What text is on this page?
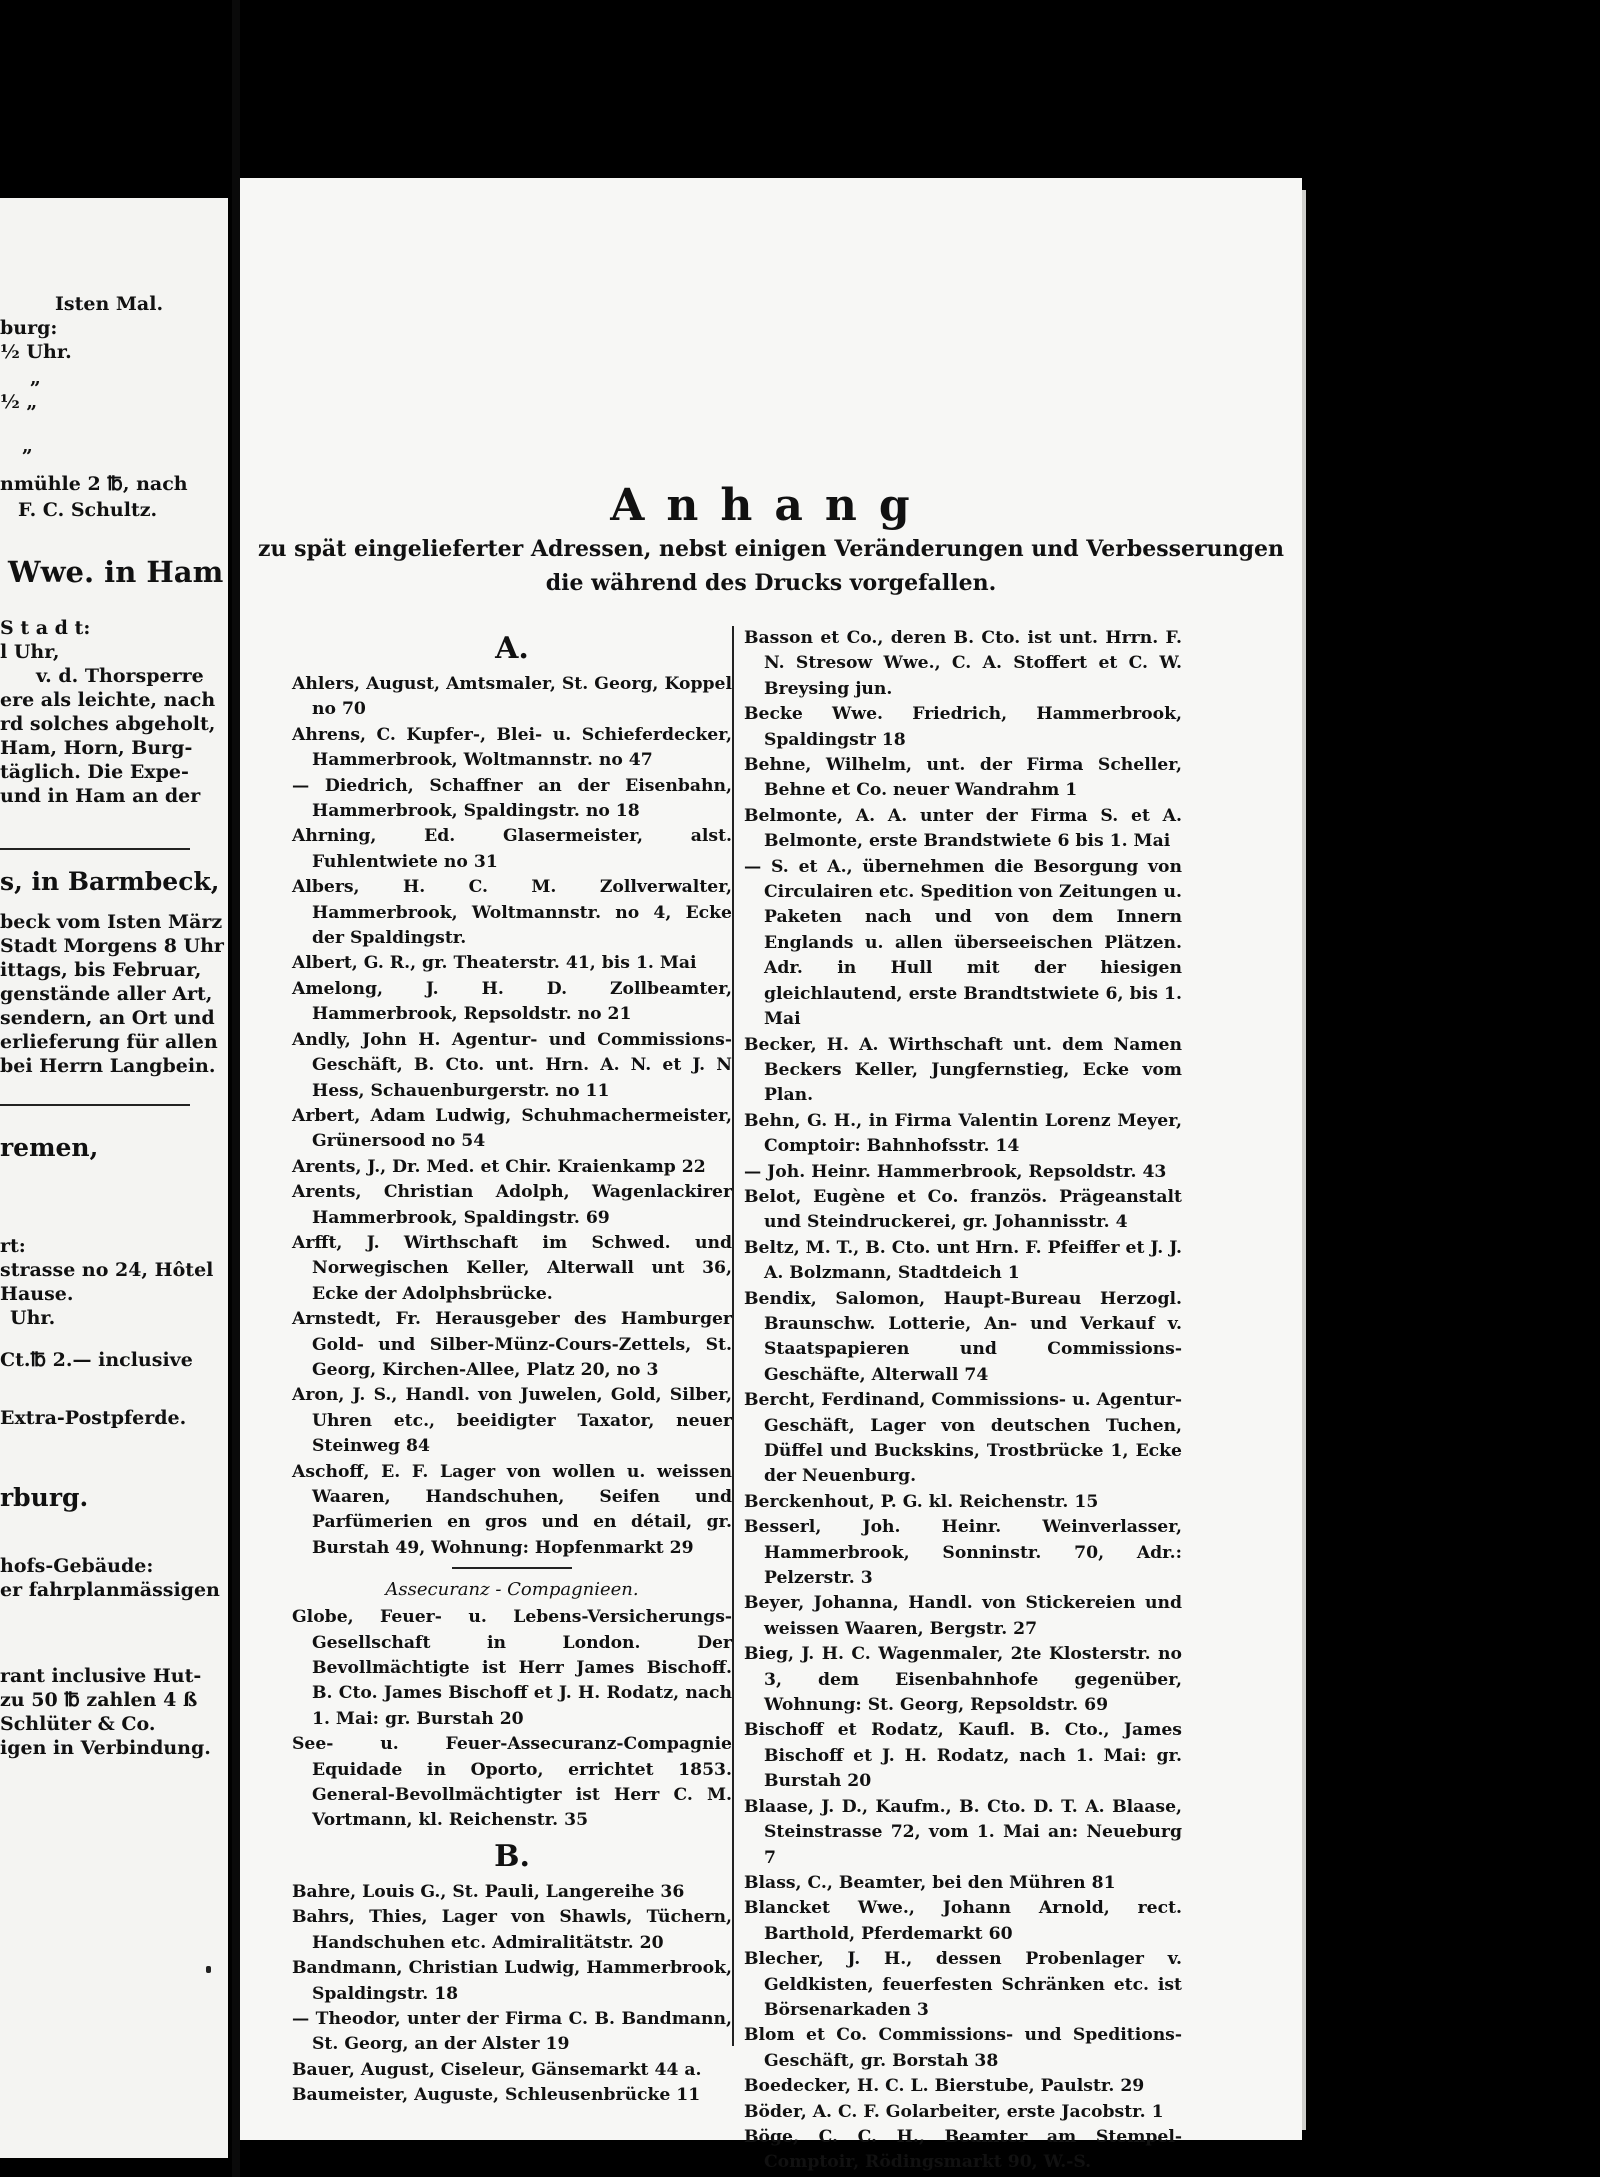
Isten Mal.
burg:
½ Uhr.
„
½ „
„
nmühle 2 ℔, nach
F. C. Schultz.
Wwe. in Ham
S t a d t:
l Uhr,
v. d. Thorsperre
ere als leichte, nach
rd solches abgeholt,
Ham, Horn, Burg-
täglich. Die Expe-
und in Ham an der
s, in Barmbeck,
beck vom Isten März
Stadt Morgens 8 Uhr
ittags, bis Februar,
genstände aller Art,
sendern, an Ort und
erlieferung für allen
bei Herrn Langbein.
remen,
rt:
strasse no 24, Hôtel
Hause.
Uhr.
Ct.℔ 2.— inclusive
Extra-Postpferde.
rburg.
hofs-Gebäude:
er fahrplanmässigen
rant inclusive Hut-
zu 50 ℔ zahlen 4 ß
Schlüter & Co.
igen in Verbindung.
Anhang
zu spät eingelieferter Adressen, nebst einigen Veränderungen und Verbesserungen
die während des Drucks vorgefallen.
A.
Ahlers, August, Amtsmaler, St. Georg, Koppel no 70
Ahrens, C. Kupfer-, Blei- u. Schieferdecker, Hammerbrook, Woltmannstr. no 47
— Diedrich, Schaffner an der Eisenbahn, Hammerbrook, Spaldingstr. no 18
Ahrning, Ed. Glasermeister, alst. Fuhlentwiete no 31
Albers, H. C. M. Zollverwalter, Hammerbrook, Woltmannstr. no 4, Ecke der Spaldingstr.
Albert, G. R., gr. Theaterstr. 41, bis 1. Mai
Amelong, J. H. D. Zollbeamter, Hammerbrook, Repsoldstr. no 21
Andly, John H. Agentur- und Commissions-Geschäft, B. Cto. unt. Hrn. A. N. et J. N Hess, Schauenburgerstr. no 11
Arbert, Adam Ludwig, Schuhmachermeister, Grünersood no 54
Arents, J., Dr. Med. et Chir. Kraienkamp 22
Arents, Christian Adolph, Wagenlackirer Hammerbrook, Spaldingstr. 69
Arfft, J. Wirthschaft im Schwed. und Norwegischen Keller, Alterwall unt 36, Ecke der Adolphsbrücke.
Arnstedt, Fr. Herausgeber des Hamburger Gold- und Silber-Münz-Cours-Zettels, St. Georg, Kirchen-Allee, Platz 20, no 3
Aron, J. S., Handl. von Juwelen, Gold, Silber, Uhren etc., beeidigter Taxator, neuer Steinweg 84
Aschoff, E. F. Lager von wollen u. weissen Waaren, Handschuhen, Seifen und Parfümerien en gros und en détail, gr. Burstah 49, Wohnung: Hopfenmarkt 29
Assecuranz - Compagnieen.
Globe, Feuer- u. Lebens-Versicherungs-Gesellschaft in London. Der Bevollmächtigte ist Herr James Bischoff. B. Cto. James Bischoff et J. H. Rodatz, nach 1. Mai: gr. Burstah 20
See- u. Feuer-Assecuranz-Compagnie Equidade in Oporto, errichtet 1853. General-Bevollmächtigter ist Herr C. M. Vortmann, kl. Reichenstr. 35
B.
Bahre, Louis G., St. Pauli, Langereihe 36
Bahrs, Thies, Lager von Shawls, Tüchern, Handschuhen etc. Admiralitätstr. 20
Bandmann, Christian Ludwig, Hammerbrook, Spaldingstr. 18
— Theodor, unter der Firma C. B. Bandmann, St. Georg, an der Alster 19
Bauer, August, Ciseleur, Gänsemarkt 44 a.
Baumeister, Auguste, Schleusenbrücke 11
Basson et Co., deren B. Cto. ist unt. Hrrn. F. N. Stresow Wwe., C. A. Stoffert et C. W. Breysing jun.
Becke Wwe. Friedrich, Hammerbrook, Spaldingstr 18
Behne, Wilhelm, unt. der Firma Scheller, Behne et Co. neuer Wandrahm 1
Belmonte, A. A. unter der Firma S. et A. Belmonte, erste Brandstwiete 6 bis 1. Mai
— S. et A., übernehmen die Besorgung von Circulairen etc. Spedition von Zeitungen u. Paketen nach und von dem Innern Englands u. allen überseeischen Plätzen. Adr. in Hull mit der hiesigen gleichlautend, erste Brandtstwiete 6, bis 1. Mai
Becker, H. A. Wirthschaft unt. dem Namen Beckers Keller, Jungfernstieg, Ecke vom Plan.
Behn, G. H., in Firma Valentin Lorenz Meyer, Comptoir: Bahnhofsstr. 14
— Joh. Heinr. Hammerbrook, Repsoldstr. 43
Belot, Eugène et Co. französ. Prägeanstalt und Steindruckerei, gr. Johannisstr. 4
Beltz, M. T., B. Cto. unt Hrn. F. Pfeiffer et J. J. A. Bolzmann, Stadtdeich 1
Bendix, Salomon, Haupt-Bureau Herzogl. Braunschw. Lotterie, An- und Verkauf v. Staatspapieren und Commissions-Geschäfte, Alterwall 74
Bercht, Ferdinand, Commissions- u. Agentur-Geschäft, Lager von deutschen Tuchen, Düffel und Buckskins, Trostbrücke 1, Ecke der Neuenburg.
Berckenhout, P. G. kl. Reichenstr. 15
Besserl, Joh. Heinr. Weinverlasser, Hammerbrook, Sonninstr. 70, Adr.: Pelzerstr. 3
Beyer, Johanna, Handl. von Stickereien und weissen Waaren, Bergstr. 27
Bieg, J. H. C. Wagenmaler, 2te Klosterstr. no 3, dem Eisenbahnhofe gegenüber, Wohnung: St. Georg, Repsoldstr. 69
Bischoff et Rodatz, Kaufl. B. Cto., James Bischoff et J. H. Rodatz, nach 1. Mai: gr. Burstah 20
Blaase, J. D., Kaufm., B. Cto. D. T. A. Blaase, Steinstrasse 72, vom 1. Mai an: Neueburg 7
Blass, C., Beamter, bei den Mühren 81
Blancket Wwe., Johann Arnold, rect. Barthold, Pferdemarkt 60
Blecher, J. H., dessen Probenlager v. Geldkisten, feuerfesten Schränken etc. ist Börsenarkaden 3
Blom et Co. Commissions- und Speditions-Geschäft, gr. Borstah 38
Boedecker, H. C. L. Bierstube, Paulstr. 29
Böder, A. C. F. Golarbeiter, erste Jacobstr. 1
Böge, C. C. H., Beamter am Stempel-Comptoir, Rödingsmarkt 90, W.-S.
